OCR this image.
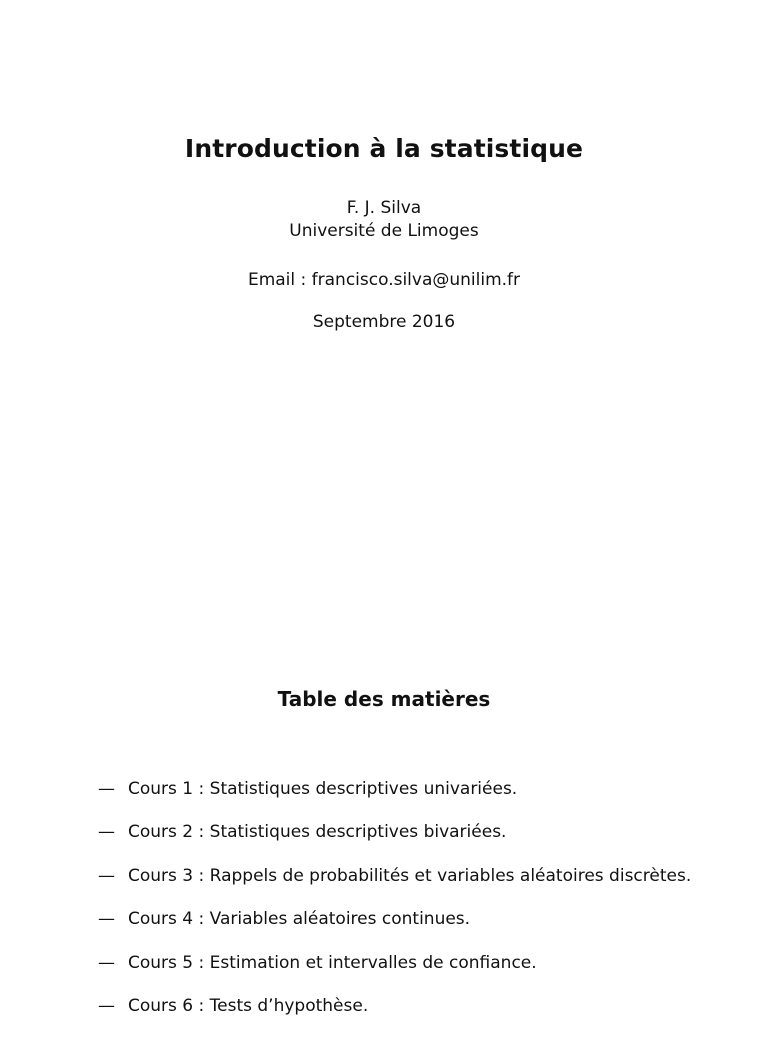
Introduction à la statistique
F. J. Silva
Université de Limoges
Email : francisco.silva@unilim.fr
Septembre 2016
Table des matières
— Cours 1 : Statistiques descriptives univariées.
— Cours 2 : Statistiques descriptives bivariées.
— Cours 3 : Rappels de probabilités et variables aléatoires discrètes.
— Cours 4 : Variables aléatoires continues.
— Cours 5 : Estimation et intervalles de confiance.
— Cours 6 : Tests d’hypothèse.
